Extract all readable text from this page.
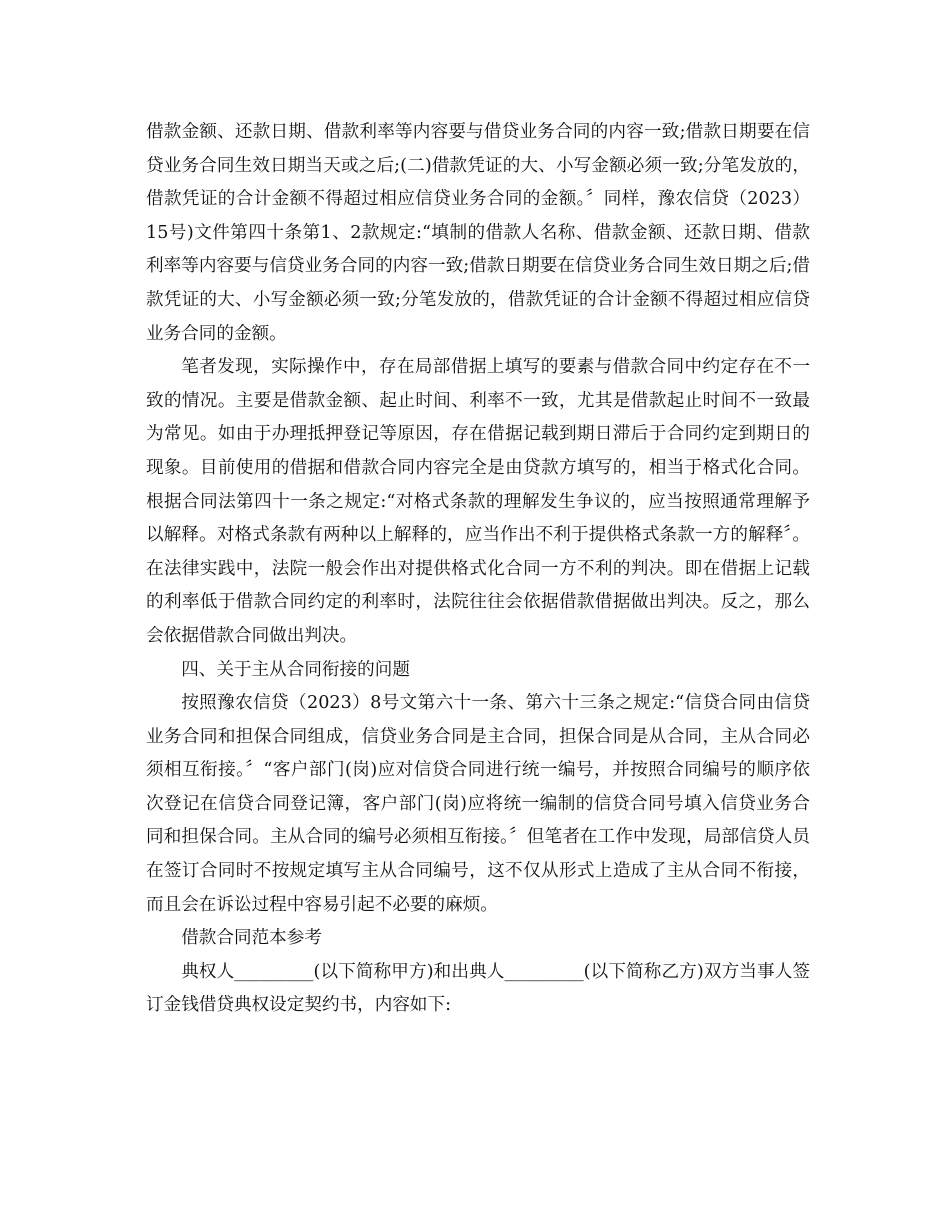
借款金额、还款日期、借款利率等内容要与借贷业务合同的内容一致;借款日期要在信贷业务合同生效日期当天或之后;(二)借款凭证的大、小写金额必须一致;分笔发放的，借款凭证的合计金额不得超过相应信贷业务合同的金额。〞同样，豫农信贷（2023）15号)文件第四十条第1、2款规定:“填制的借款人名称、借款金额、还款日期、借款利率等内容要与信贷业务合同的内容一致;借款日期要在信贷业务合同生效日期之后;借款凭证的大、小写金额必须一致;分笔发放的，借款凭证的合计金额不得超过相应信贷业务合同的金额。

笔者发现，实际操作中，存在局部借据上填写的要素与借款合同中约定存在不一致的情况。主要是借款金额、起止时间、利率不一致，尤其是借款起止时间不一致最为常见。如由于办理抵押登记等原因，存在借据记载到期日滞后于合同约定到期日的现象。目前使用的借据和借款合同内容完全是由贷款方填写的，相当于格式化合同。根据合同法第四十一条之规定:“对格式条款的理解发生争议的，应当按照通常理解予以解释。对格式条款有两种以上解释的，应当作出不利于提供格式条款一方的解释〞。在法律实践中，法院一般会作出对提供格式化合同一方不利的判决。即在借据上记载的利率低于借款合同约定的利率时，法院往往会依据借款借据做出判决。反之，那么会依据借款合同做出判决。

四、关于主从合同衔接的问题

按照豫农信贷（2023）8号文第六十一条、第六十三条之规定:“信贷合同由信贷业务合同和担保合同组成，信贷业务合同是主合同，担保合同是从合同，主从合同必须相互衔接。〞“客户部门(岗)应对信贷合同进行统一编号，并按照合同编号的顺序依次登记在信贷合同登记簿，客户部门(岗)应将统一编制的信贷合同号填入信贷业务合同和担保合同。主从合同的编号必须相互衔接。〞但笔者在工作中发现，局部信贷人员在签订合同时不按规定填写主从合同编号，这不仅从形式上造成了主从合同不衔接，而且会在诉讼过程中容易引起不必要的麻烦。

借款合同范本参考

典权人_________(以下简称甲方)和出典人_________(以下简称乙方)双方当事人签订金钱借贷典权设定契约书，内容如下:
